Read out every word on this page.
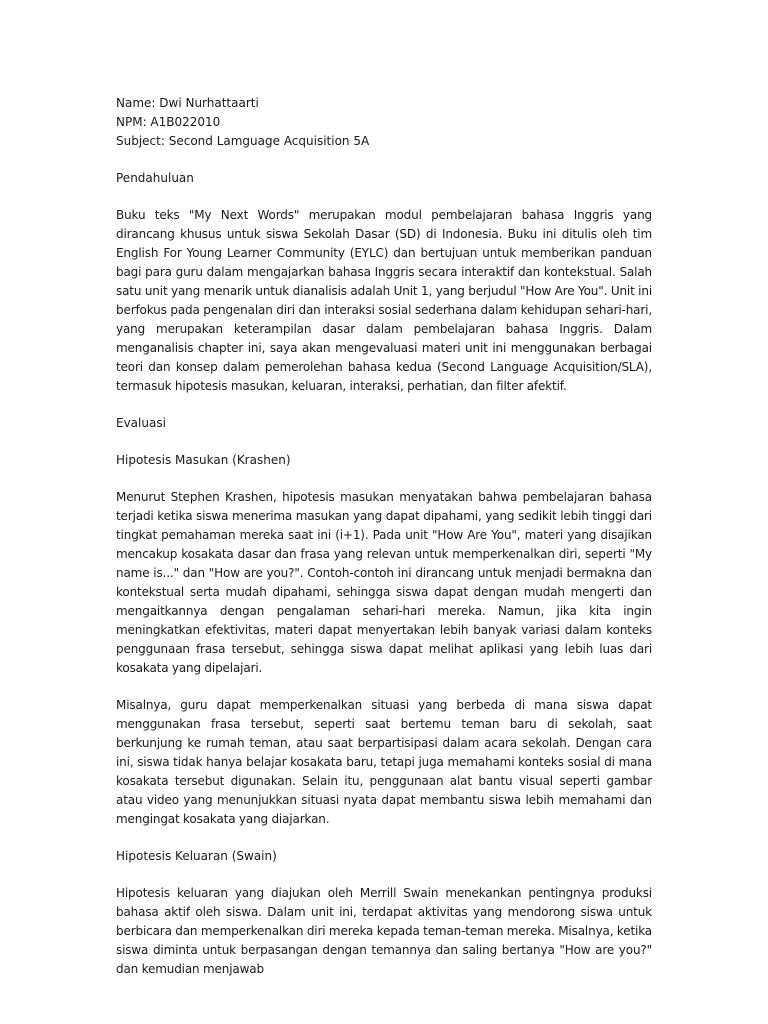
Name: Dwi Nurhattaarti

NPM: A1B022010

Subject: Second Lamguage Acquisition 5A

Pendahuluan

Buku teks "My Next Words" merupakan modul pembelajaran bahasa Inggris yang dirancang khusus untuk siswa Sekolah Dasar (SD) di Indonesia. Buku ini ditulis oleh tim English For Young Learner Community (EYLC) dan bertujuan untuk memberikan panduan bagi para guru dalam mengajarkan bahasa Inggris secara interaktif dan kontekstual. Salah satu unit yang menarik untuk dianalisis adalah Unit 1, yang berjudul "How Are You". Unit ini berfokus pada pengenalan diri dan interaksi sosial sederhana dalam kehidupan sehari-hari, yang merupakan keterampilan dasar dalam pembelajaran bahasa Inggris. Dalam menganalisis chapter ini, saya akan mengevaluasi materi unit ini menggunakan berbagai teori dan konsep dalam pemerolehan bahasa kedua (Second Language Acquisition/SLA), termasuk hipotesis masukan, keluaran, interaksi, perhatian, dan filter afektif.

Evaluasi

Hipotesis Masukan (Krashen)

Menurut Stephen Krashen, hipotesis masukan menyatakan bahwa pembelajaran bahasa terjadi ketika siswa menerima masukan yang dapat dipahami, yang sedikit lebih tinggi dari tingkat pemahaman mereka saat ini (i+1). Pada unit "How Are You", materi yang disajikan mencakup kosakata dasar dan frasa yang relevan untuk memperkenalkan diri, seperti "My name is..." dan "How are you?". Contoh-contoh ini dirancang untuk menjadi bermakna dan kontekstual serta mudah dipahami, sehingga siswa dapat dengan mudah mengerti dan mengaitkannya dengan pengalaman sehari-hari mereka. Namun, jika kita ingin meningkatkan efektivitas, materi dapat menyertakan lebih banyak variasi dalam konteks penggunaan frasa tersebut, sehingga siswa dapat melihat aplikasi yang lebih luas dari kosakata yang dipelajari.

Misalnya, guru dapat memperkenalkan situasi yang berbeda di mana siswa dapat menggunakan frasa tersebut, seperti saat bertemu teman baru di sekolah, saat berkunjung ke rumah teman, atau saat berpartisipasi dalam acara sekolah. Dengan cara ini, siswa tidak hanya belajar kosakata baru, tetapi juga memahami konteks sosial di mana kosakata tersebut digunakan. Selain itu, penggunaan alat bantu visual seperti gambar atau video yang menunjukkan situasi nyata dapat membantu siswa lebih memahami dan mengingat kosakata yang diajarkan.

Hipotesis Keluaran (Swain)

Hipotesis keluaran yang diajukan oleh Merrill Swain menekankan pentingnya produksi bahasa aktif oleh siswa. Dalam unit ini, terdapat aktivitas yang mendorong siswa untuk berbicara dan memperkenalkan diri mereka kepada teman-teman mereka. Misalnya, ketika siswa diminta untuk berpasangan dengan temannya dan saling bertanya "How are you?" dan kemudian menjawab
